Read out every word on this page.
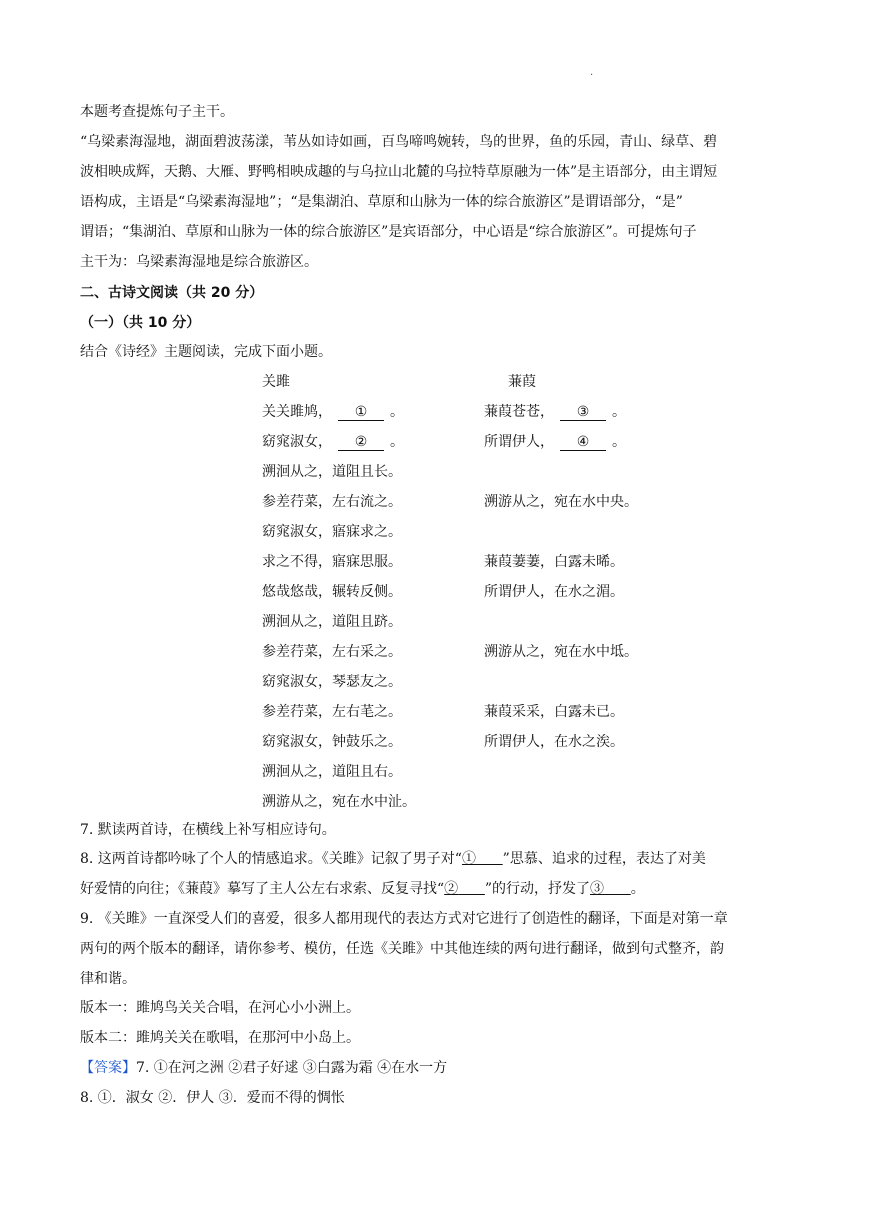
·
本题考查提炼句子主干。
“乌梁素海湿地，湖面碧波荡漾，苇丛如诗如画，百鸟啼鸣婉转，鸟的世界，鱼的乐园，青山、绿草、碧
波相映成辉，天鹅、大雁、野鸭相映成趣的与乌拉山北麓的乌拉特草原融为一体”是主语部分，由主谓短
语构成，主语是“乌梁素海湿地”；“是集湖泊、草原和山脉为一体的综合旅游区”是谓语部分，“是”
谓语；“集湖泊、草原和山脉为一体的综合旅游区”是宾语部分，中心语是“综合旅游区”。可提炼句子
主干为：乌梁素海湿地是综合旅游区。
二、古诗文阅读（共 20 分）
（一）（共 10 分）
结合《诗经》主题阅读，完成下面小题。
关雎
关关雎鸠， ① 。
窈窕淑女， ② 。
溯洄从之，道阻且长。
参差荇菜，左右流之。
窈窕淑女，寤寐求之。
求之不得，寤寐思服。
悠哉悠哉，辗转反侧。
溯洄从之，道阻且跻。
参差荇菜，左右采之。
窈窕淑女，琴瑟友之。
参差荇菜，左右芼之。
窈窕淑女，钟鼓乐之。
溯洄从之，道阻且右。
溯游从之，宛在水中沚。
蒹葭
蒹葭苍苍， ③ 。
所谓伊人， ④ 。
溯游从之，宛在水中央。
蒹葭萋萋，白露未晞。
所谓伊人，在水之湄。
溯游从之，宛在水中坻。
蒹葭采采，白露未已。
所谓伊人，在水之涘。
7. 默读两首诗，在横线上补写相应诗句。
8. 这两首诗都吟咏了个人的情感追求。《关雎》记叙了男子对“① ”思慕、追求的过程，表达了对美
好爱情的向往；《蒹葭》摹写了主人公左右求索、反复寻找“② ”的行动，抒发了③ 。
9. 《关雎》一直深受人们的喜爱，很多人都用现代的表达方式对它进行了创造性的翻译，下面是对第一章
两句的两个版本的翻译，请你参考、模仿，任选《关雎》中其他连续的两句进行翻译，做到句式整齐，韵
律和谐。
版本一：雎鸠鸟关关合唱，在河心小小洲上。
版本二：雎鸠关关在歌唱，在那河中小岛上。
【答案】7. ①在河之洲 ②君子好逑 ③白露为霜 ④在水一方
8. ①．淑女 ②．伊人 ③．爱而不得的惆怅
